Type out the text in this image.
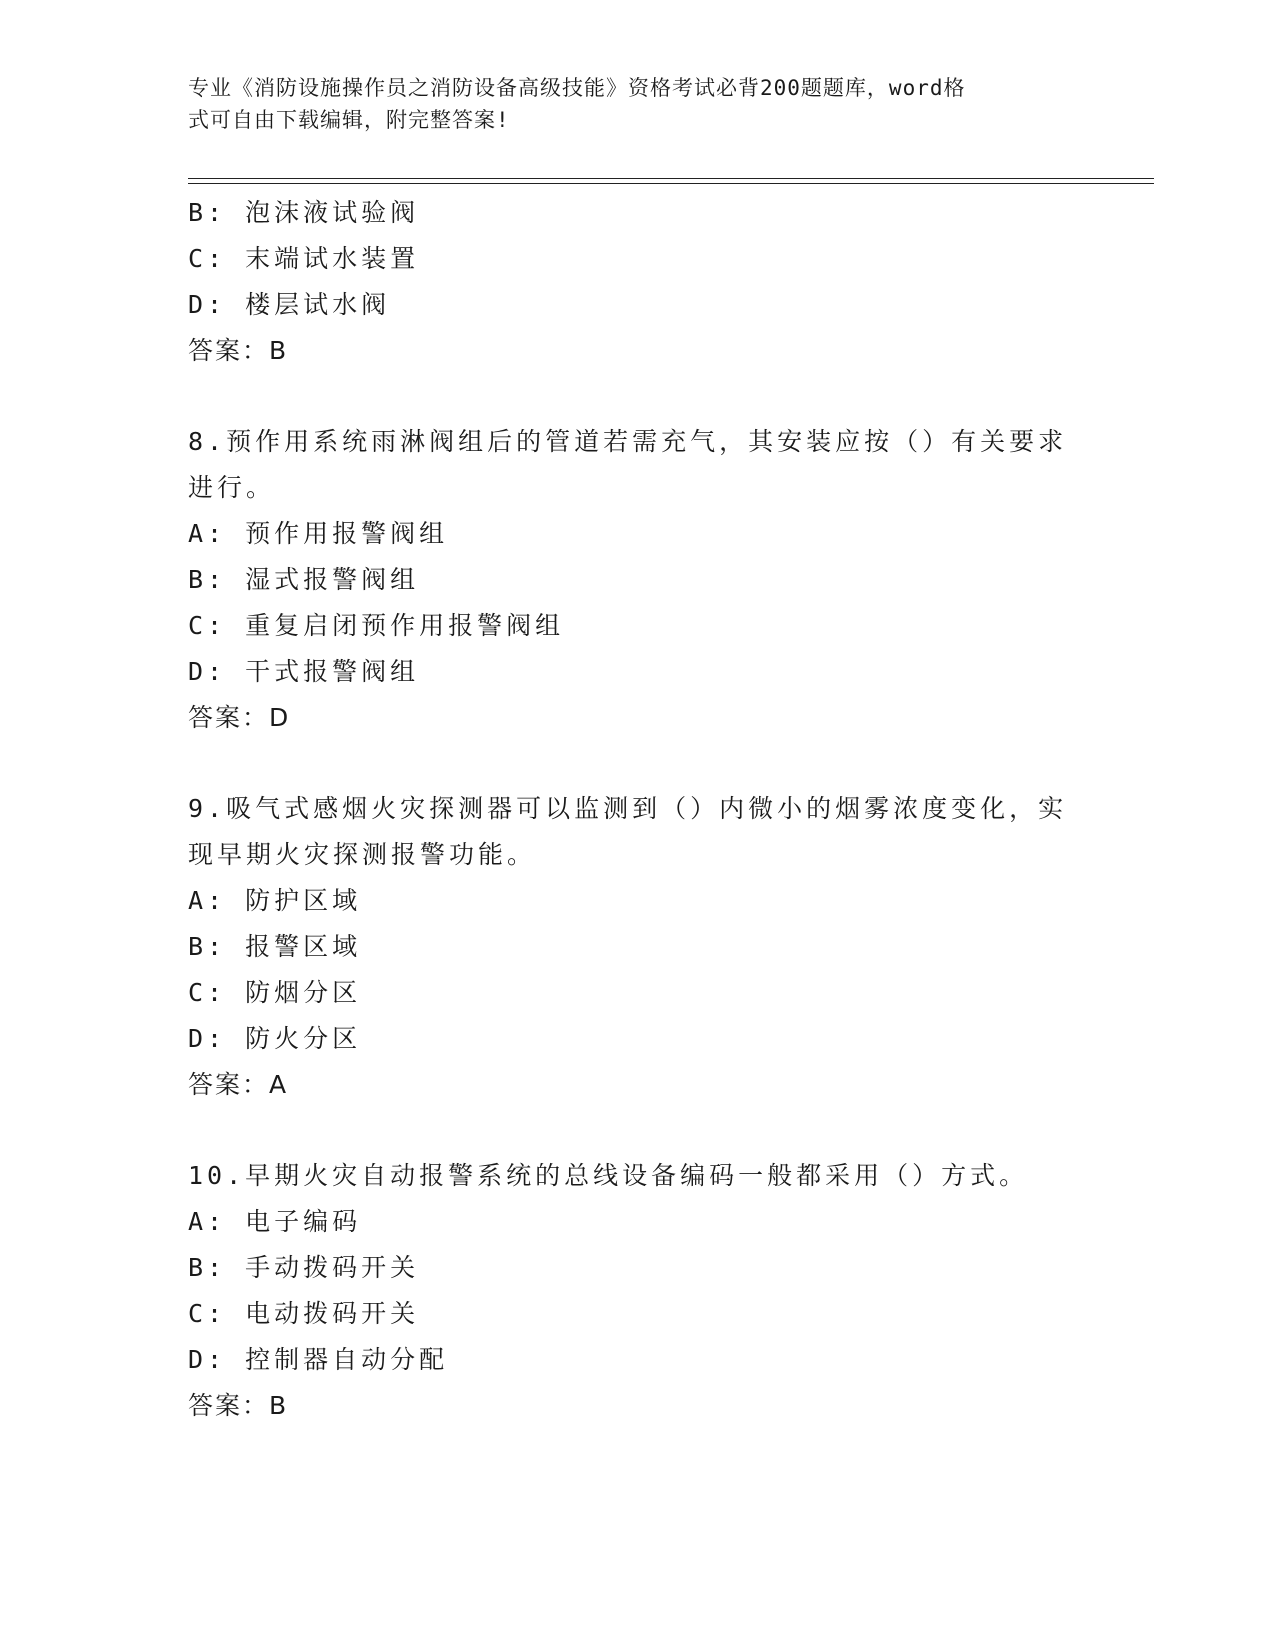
专业《消防设施操作员之消防设备高级技能》资格考试必背200题题库，word格
式可自由下载编辑，附完整答案!
B: 泡沫液试验阀
C: 末端试水装置
D: 楼层试水阀
答案：B
8.预作用系统雨淋阀组后的管道若需充气，其安装应按（）有关要求
进行。
A: 预作用报警阀组
B: 湿式报警阀组
C: 重复启闭预作用报警阀组
D: 干式报警阀组
答案：D
9.吸气式感烟火灾探测器可以监测到（）内微小的烟雾浓度变化，实
现早期火灾探测报警功能。
A: 防护区域
B: 报警区域
C: 防烟分区
D: 防火分区
答案：A
10.早期火灾自动报警系统的总线设备编码一般都采用（）方式。
A: 电子编码
B: 手动拨码开关
C: 电动拨码开关
D: 控制器自动分配
答案：B
